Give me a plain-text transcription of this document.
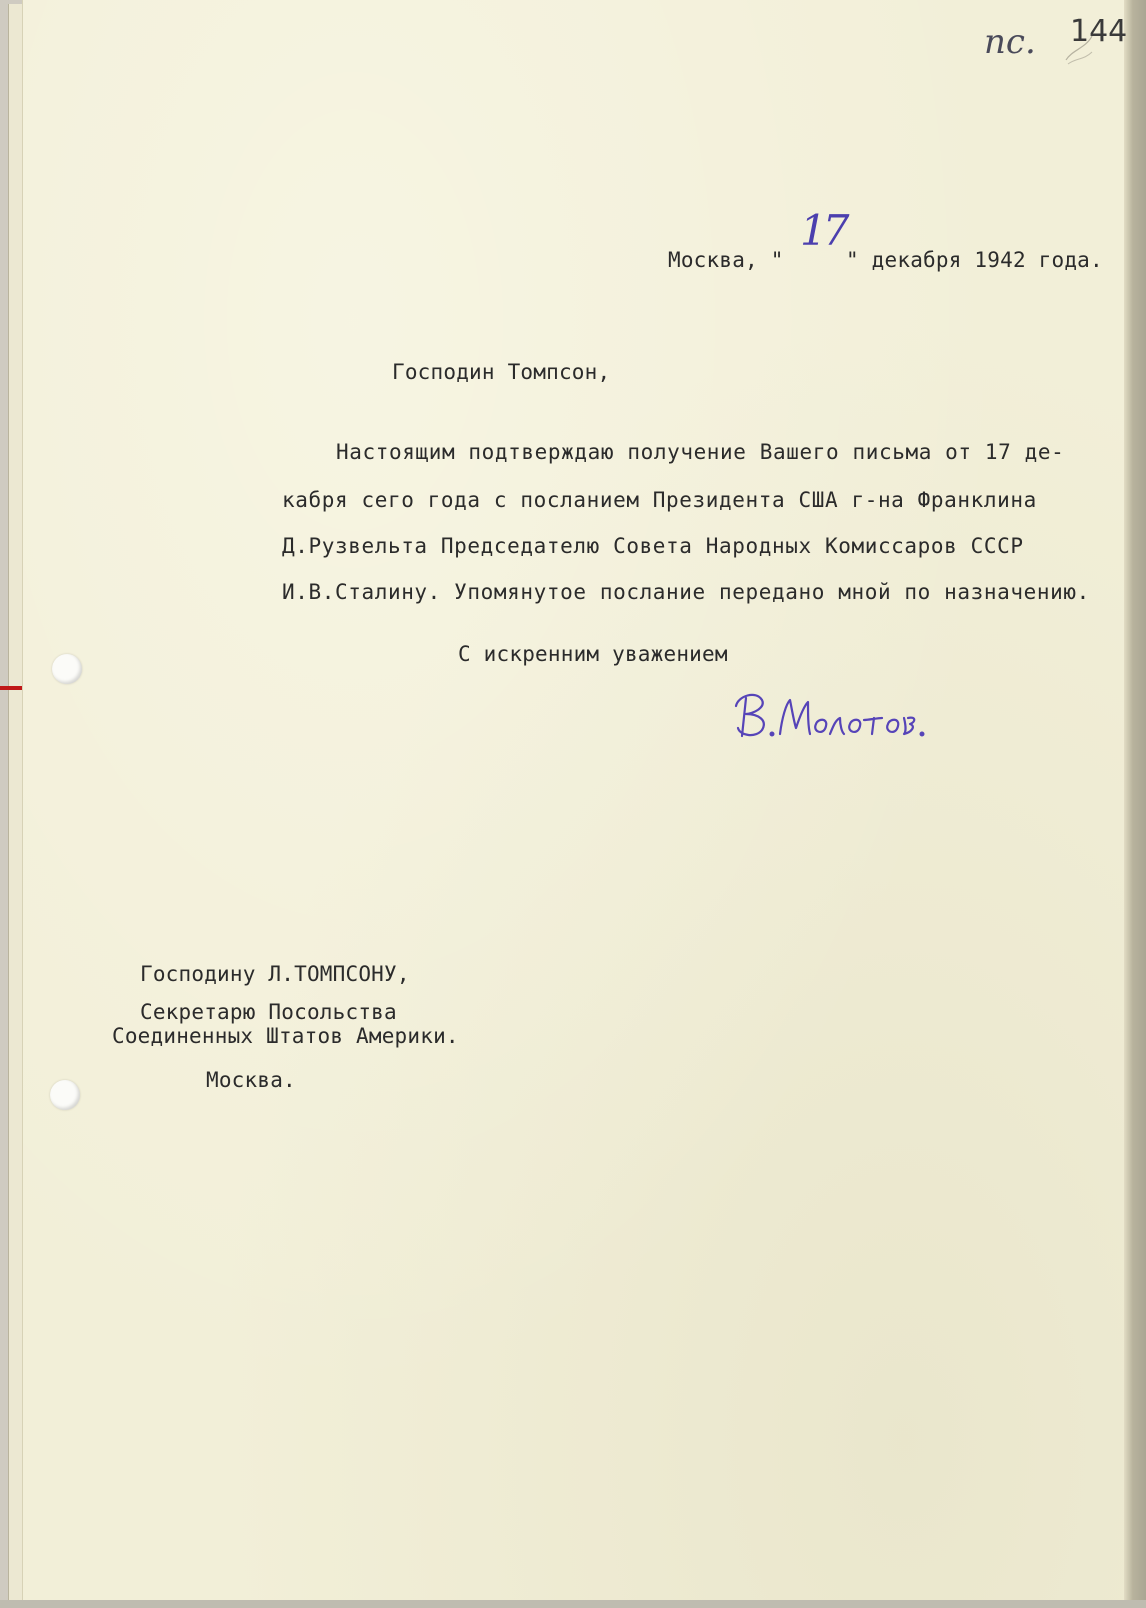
пс. 144
Москва, "
17
" декабря 1942 года.
Господин Томпсон,
Настоящим подтверждаю получение Вашего письма от 17 де-
кабря сего года с посланием Президента США г-на Франклина
Д.Рузвельта Председателю Совета Народных Комиссаров СССР
И.В.Сталину. Упомянутое послание передано мной по назначению.
С искренним уважением
Господину Л.ТОМПСОНУ,
Секретарю Посольства
Соединенных Штатов Америки.
Москва.
